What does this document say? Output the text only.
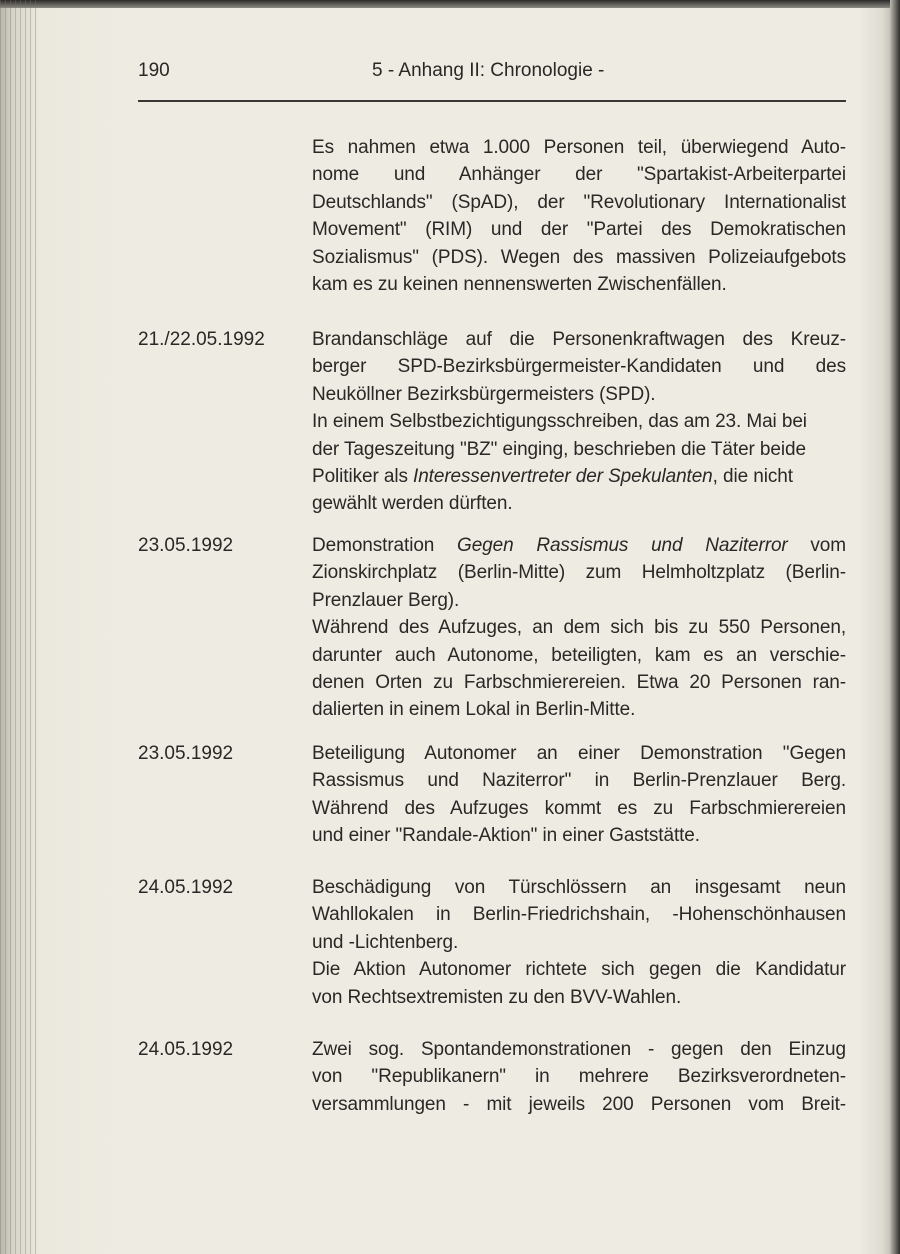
190	5 - Anhang II: Chronologie -
Es nahmen etwa 1.000 Personen teil, überwiegend Auto-
nome und Anhänger der "Spartakist-Arbeiterpartei
Deutschlands" (SpAD), der "Revolutionary Internationalist
Movement" (RIM) und der "Partei des Demokratischen
Sozialismus" (PDS). Wegen des massiven Polizeiaufgebots
kam es zu keinen nennenswerten Zwischenfällen.
21./22.05.1992	Brandanschläge auf die Personenkraftwagen des Kreuz-
berger SPD-Bezirksbürgermeister-Kandidaten und des
Neuköllner Bezirksbürgermeisters (SPD).
In einem Selbstbezichtigungsschreiben, das am 23. Mai bei
der Tageszeitung "BZ" einging, beschrieben die Täter beide
Politiker als Interessenvertreter der Spekulanten, die nicht
gewählt werden dürften.
23.05.1992	Demonstration Gegen Rassismus und Naziterror vom
Zionskirchplatz (Berlin-Mitte) zum Helmholtzplatz (Berlin-
Prenzlauer Berg).
Während des Aufzuges, an dem sich bis zu 550 Personen,
darunter auch Autonome, beteiligten, kam es an verschie-
denen Orten zu Farbschmierereien. Etwa 20 Personen ran-
dalierten in einem Lokal in Berlin-Mitte.
23.05.1992	Beteiligung Autonomer an einer Demonstration "Gegen
Rassismus und Naziterror" in Berlin-Prenzlauer Berg.
Während des Aufzuges kommt es zu Farbschmierereien
und einer "Randale-Aktion" in einer Gaststätte.
24.05.1992	Beschädigung von Türschlössern an insgesamt neun
Wahllokalen in Berlin-Friedrichshain, -Hohenschönhausen
und -Lichtenberg.
Die Aktion Autonomer richtete sich gegen die Kandidatur
von Rechtsextremisten zu den BVV-Wahlen.
24.05.1992	Zwei sog. Spontandemonstrationen - gegen den Einzug
von "Republikanern" in mehrere Bezirksverordneten-
versammlungen - mit jeweils 200 Personen vom Breit-
